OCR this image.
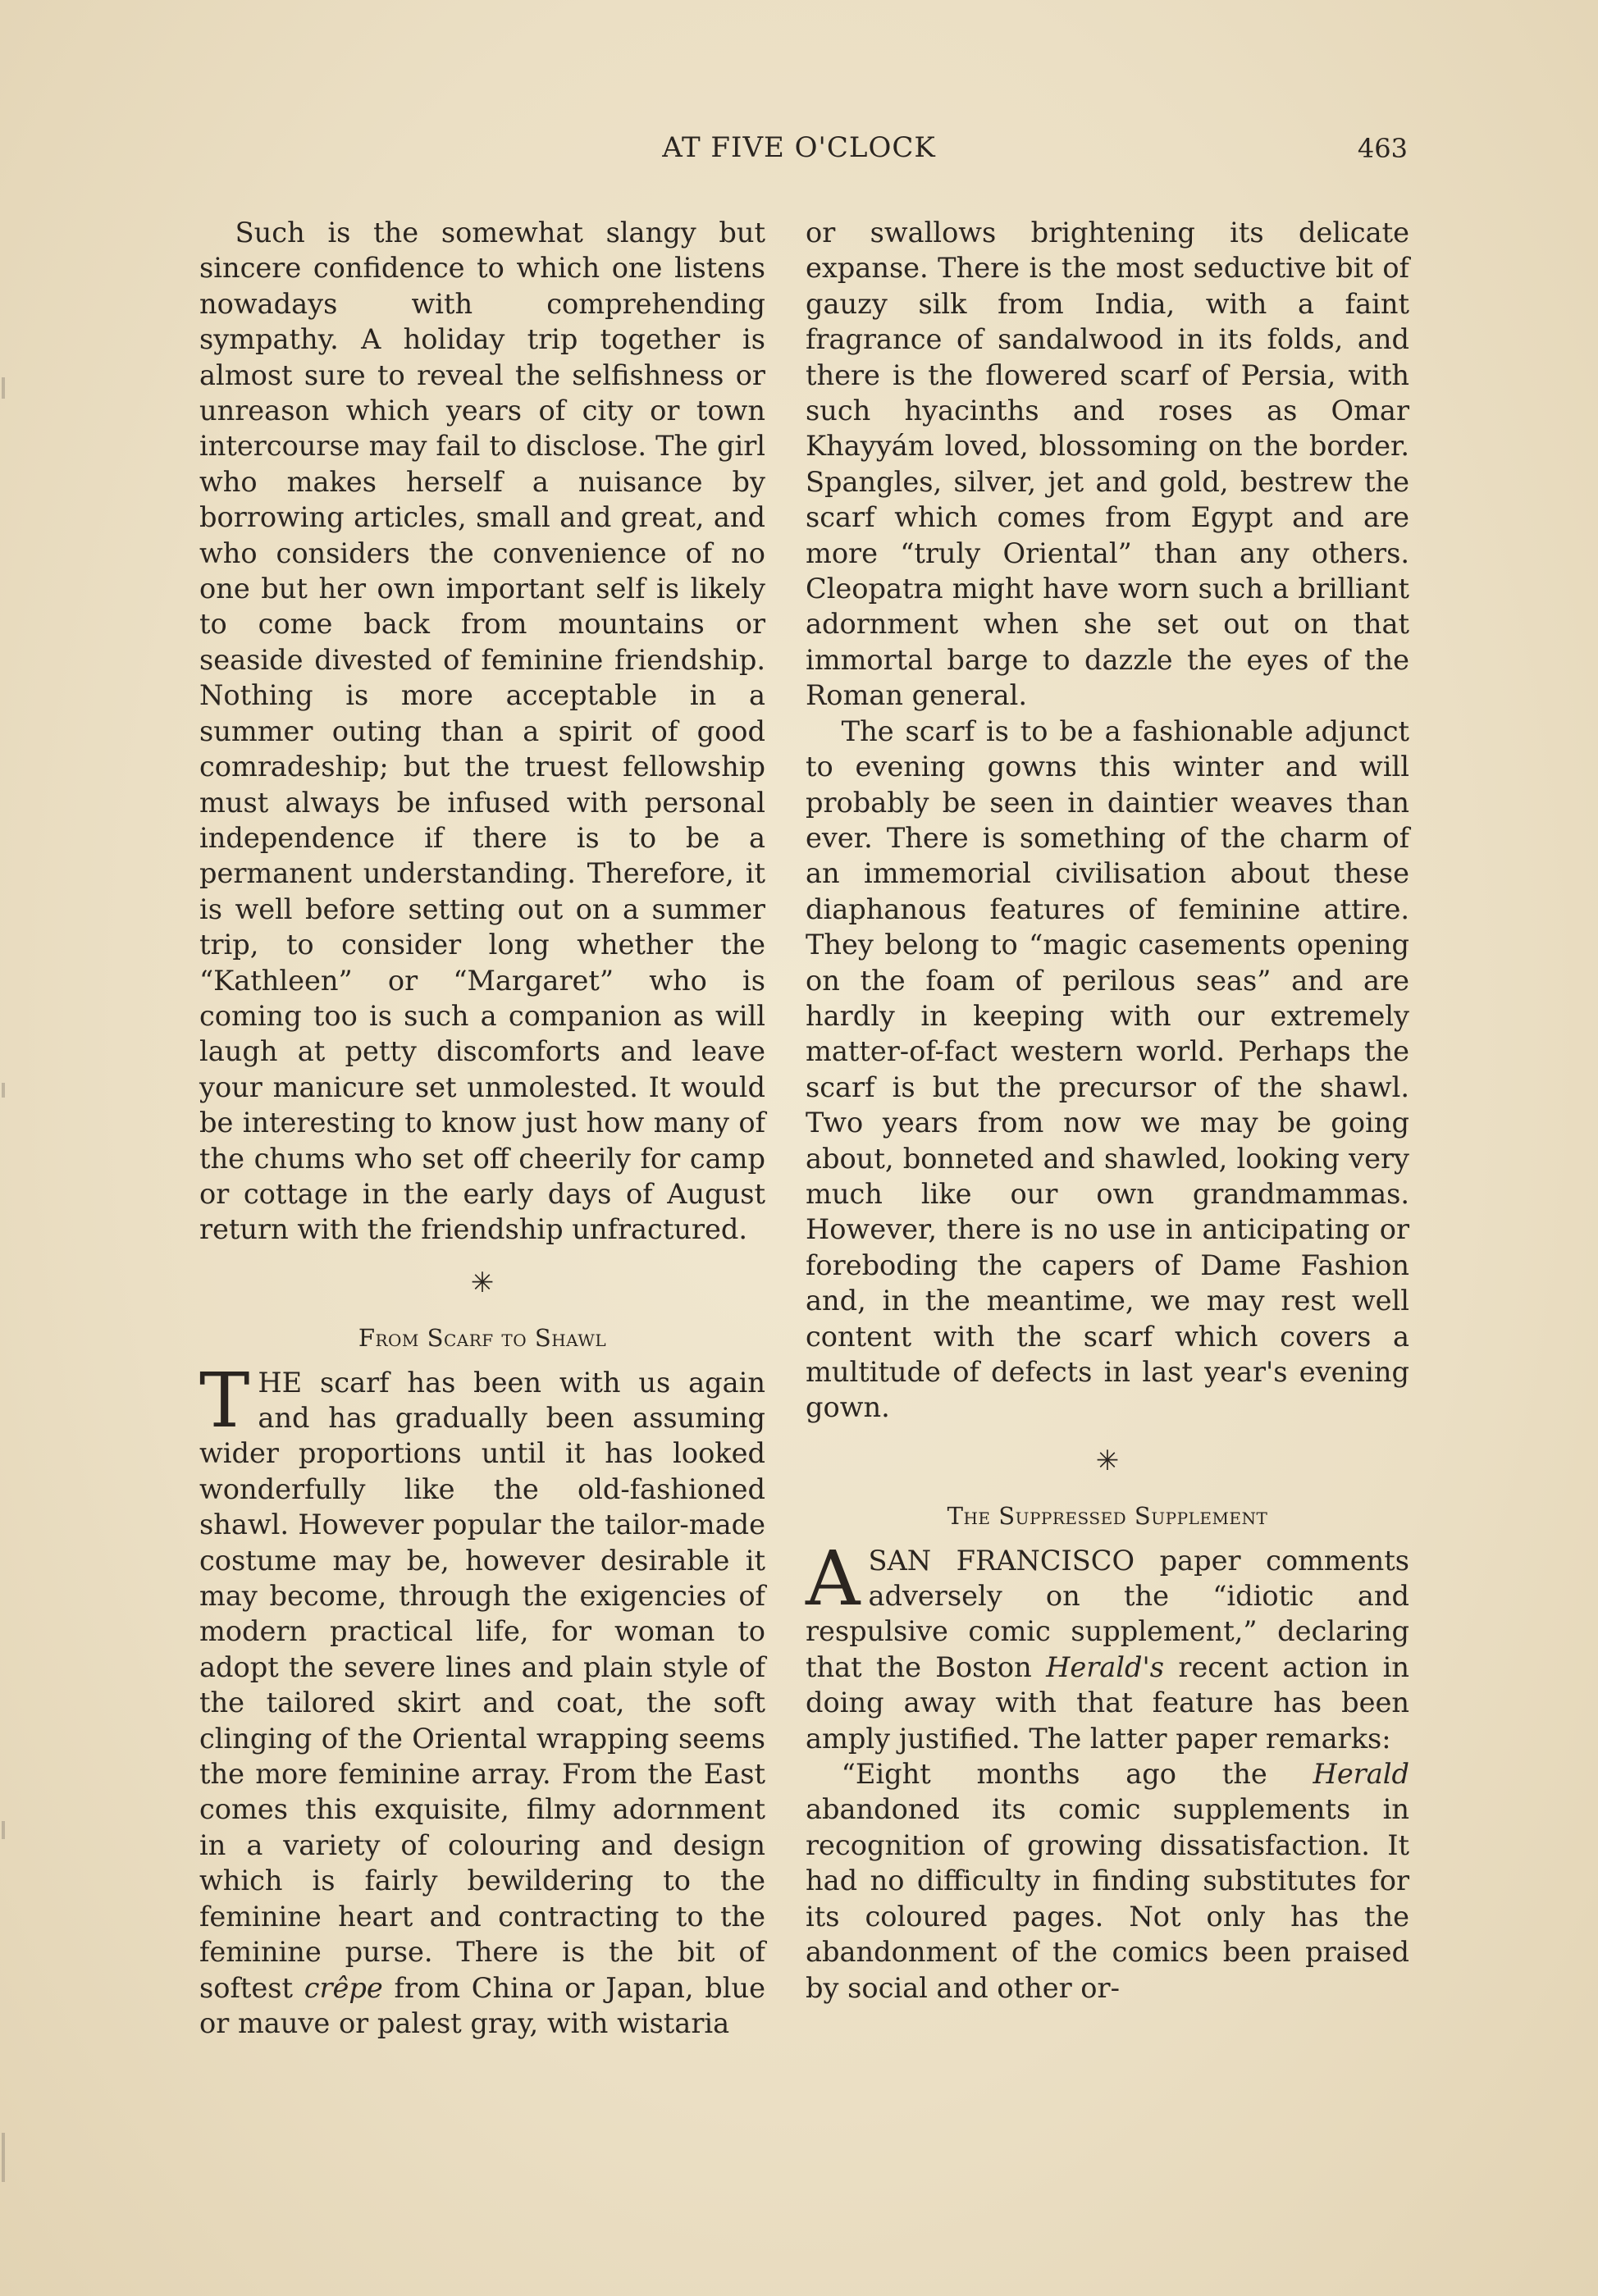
AT FIVE O'CLOCK	463

Such is the somewhat slangy but sincere confidence to which one listens nowadays with comprehending sympathy. A holiday trip together is almost sure to reveal the selfishness or unreason which years of city or town intercourse may fail to disclose. The girl who makes herself a nuisance by borrowing articles, small and great, and who considers the convenience of no one but her own important self is likely to come back from mountains or seaside divested of feminine friendship. Nothing is more acceptable in a summer outing than a spirit of good comradeship; but the truest fellowship must always be infused with personal independence if there is to be a permanent understanding. Therefore, it is well before setting out on a summer trip, to consider long whether the “Kathleen” or “Margaret” who is coming too is such a companion as will laugh at petty discomforts and leave your manicure set unmolested. It would be interesting to know just how many of the chums who set off cheerily for camp or cottage in the early days of August return with the friendship unfractured.

✳
From Scarf to Shawl

THE scarf has been with us again and has gradually been assuming wider proportions until it has looked wonderfully like the old-fashioned shawl. However popular the tailor-made costume may be, however desirable it may become, through the exigencies of modern practical life, for woman to adopt the severe lines and plain style of the tailored skirt and coat, the soft clinging of the Oriental wrapping seems the more feminine array. From the East comes this exquisite, filmy adornment in a variety of colouring and design which is fairly bewildering to the feminine heart and contracting to the feminine purse. There is the bit of softest crêpe from China or Japan, blue or mauve or palest gray, with wistaria

or swallows brightening its delicate expanse. There is the most seductive bit of gauzy silk from India, with a faint fragrance of sandalwood in its folds, and there is the flowered scarf of Persia, with such hyacinths and roses as Omar Khayyám loved, blossoming on the border. Spangles, silver, jet and gold, bestrew the scarf which comes from Egypt and are more “truly Oriental” than any others. Cleopatra might have worn such a brilliant adornment when she set out on that immortal barge to dazzle the eyes of the Roman general.

The scarf is to be a fashionable adjunct to evening gowns this winter and will probably be seen in daintier weaves than ever. There is something of the charm of an immemorial civilisation about these diaphanous features of feminine attire. They belong to “magic casements opening on the foam of perilous seas” and are hardly in keeping with our extremely matter-of-fact western world. Perhaps the scarf is but the precursor of the shawl. Two years from now we may be going about, bonneted and shawled, looking very much like our own grandmammas. However, there is no use in anticipating or foreboding the capers of Dame Fashion and, in the meantime, we may rest well content with the scarf which covers a multitude of defects in last year's evening gown.

✳
The Suppressed Supplement

A SAN FRANCISCO paper comments adversely on the “idiotic and respulsive comic supplement,” declaring that the Boston Herald's recent action in doing away with that feature has been amply justified. The latter paper remarks:

“Eight months ago the Herald abandoned its comic supplements in recognition of growing dissatisfaction. It had no difficulty in finding substitutes for its coloured pages. Not only has the abandonment of the comics been praised by social and other or-
